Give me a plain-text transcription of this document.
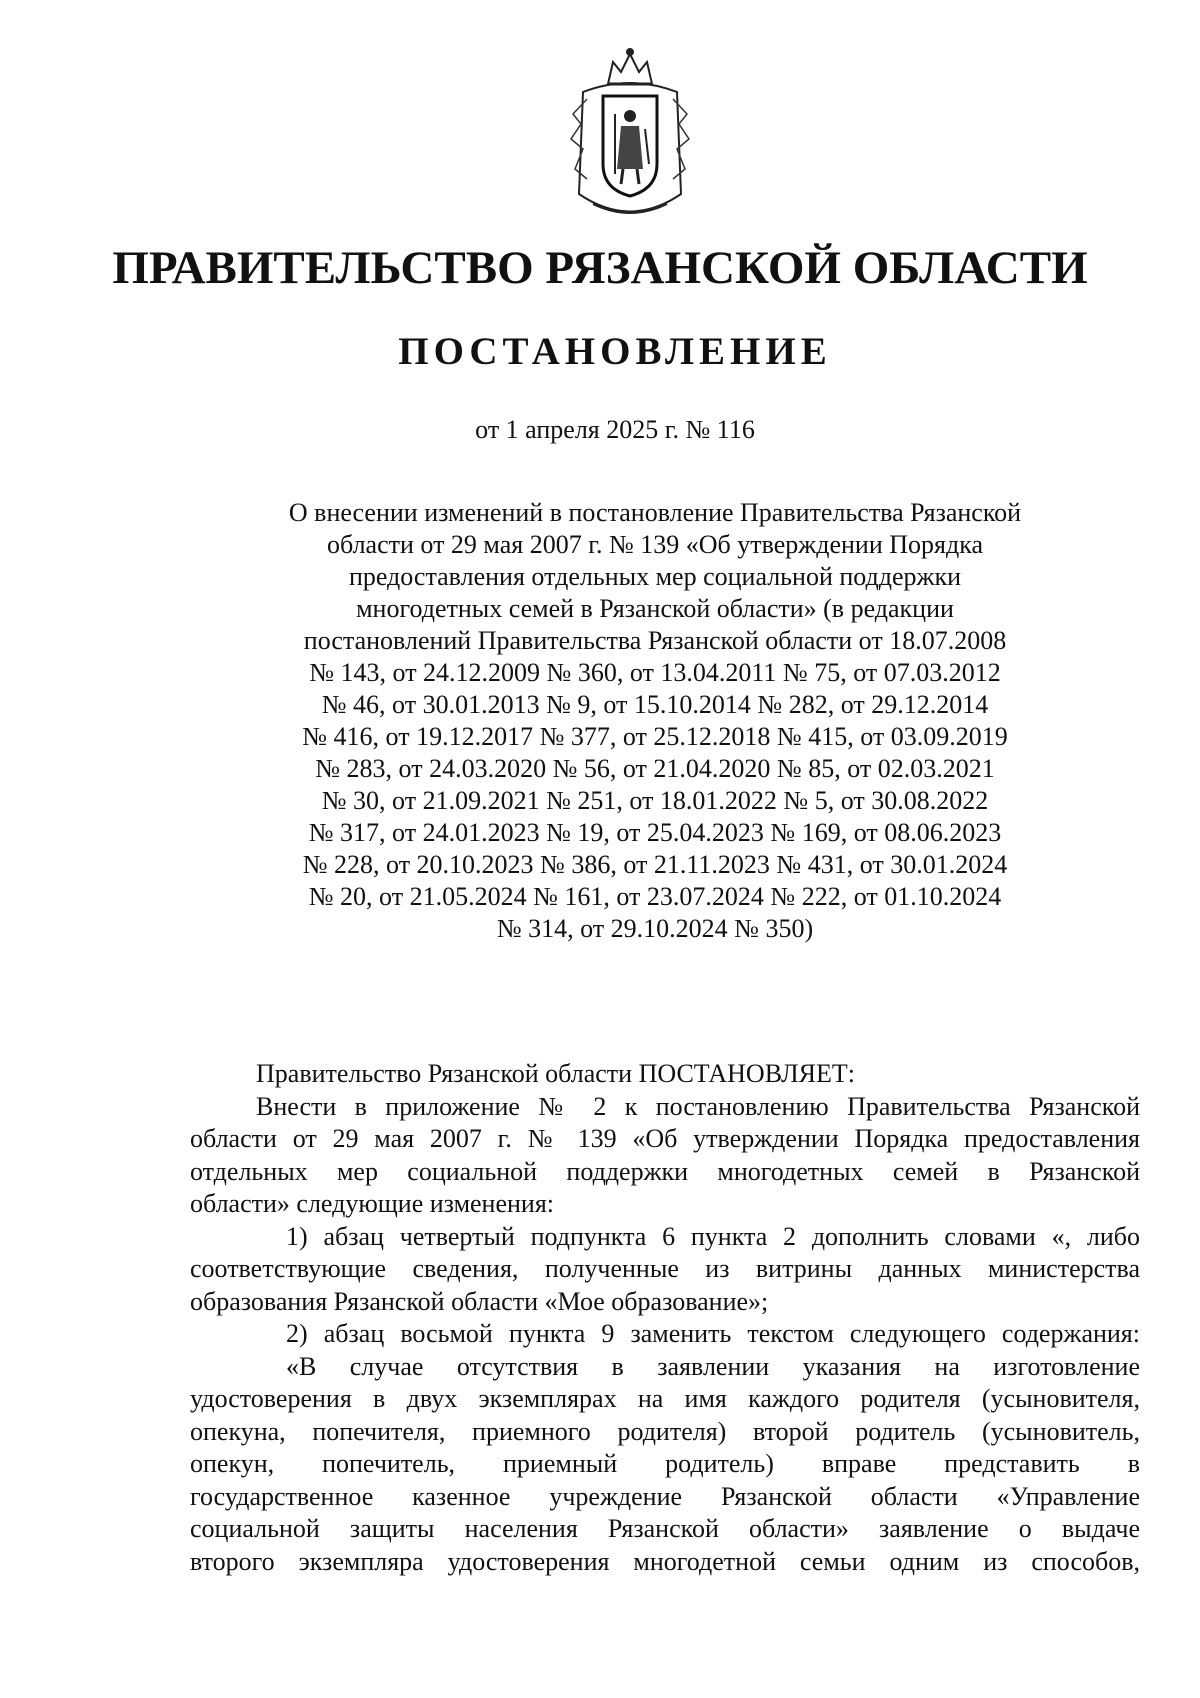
ПРАВИТЕЛЬСТВО РЯЗАНСКОЙ ОБЛАСТИ
ПОСТАНОВЛЕНИЕ
от 1 апреля 2025 г. № 116
О внесении изменений в постановление Правительства Рязанской
области от 29 мая 2007 г. № 139 «Об утверждении Порядка
предоставления отдельных мер социальной поддержки
многодетных семей в Рязанской области» (в редакции
постановлений Правительства Рязанской области от 18.07.2008
№ 143, от 24.12.2009 № 360, от 13.04.2011 № 75, от 07.03.2012
№ 46, от 30.01.2013 № 9, от 15.10.2014 № 282, от 29.12.2014
№ 416, от 19.12.2017 № 377, от 25.12.2018 № 415, от 03.09.2019
№ 283, от 24.03.2020 № 56, от 21.04.2020 № 85, от 02.03.2021
№ 30, от 21.09.2021 № 251, от 18.01.2022 № 5, от 30.08.2022
№ 317, от 24.01.2023 № 19, от 25.04.2023 № 169, от 08.06.2023
№ 228, от 20.10.2023 № 386, от 21.11.2023 № 431, от 30.01.2024
№ 20, от 21.05.2024 № 161, от 23.07.2024 № 222, от 01.10.2024
№ 314, от 29.10.2024 № 350)
Правительство Рязанской области ПОСТАНОВЛЯЕТ:
Внести в приложение № 2 к постановлению Правительства Рязанской
области от 29 мая 2007 г. № 139 «Об утверждении Порядка предоставления
отдельных мер социальной поддержки многодетных семей в Рязанской
области» следующие изменения:
1) абзац четвертый подпункта 6 пункта 2 дополнить словами «, либо
соответствующие сведения, полученные из витрины данных министерства
образования Рязанской области «Мое образование»;
2) абзац восьмой пункта 9 заменить текстом следующего содержания:
«В случае отсутствия в заявлении указания на изготовление
удостоверения в двух экземплярах на имя каждого родителя (усыновителя,
опекуна, попечителя, приемного родителя) второй родитель (усыновитель,
опекун, попечитель, приемный родитель) вправе представить в
государственное казенное учреждение Рязанской области «Управление
социальной защиты населения Рязанской области» заявление о выдаче
второго экземпляра удостоверения многодетной семьи одним из способов,
